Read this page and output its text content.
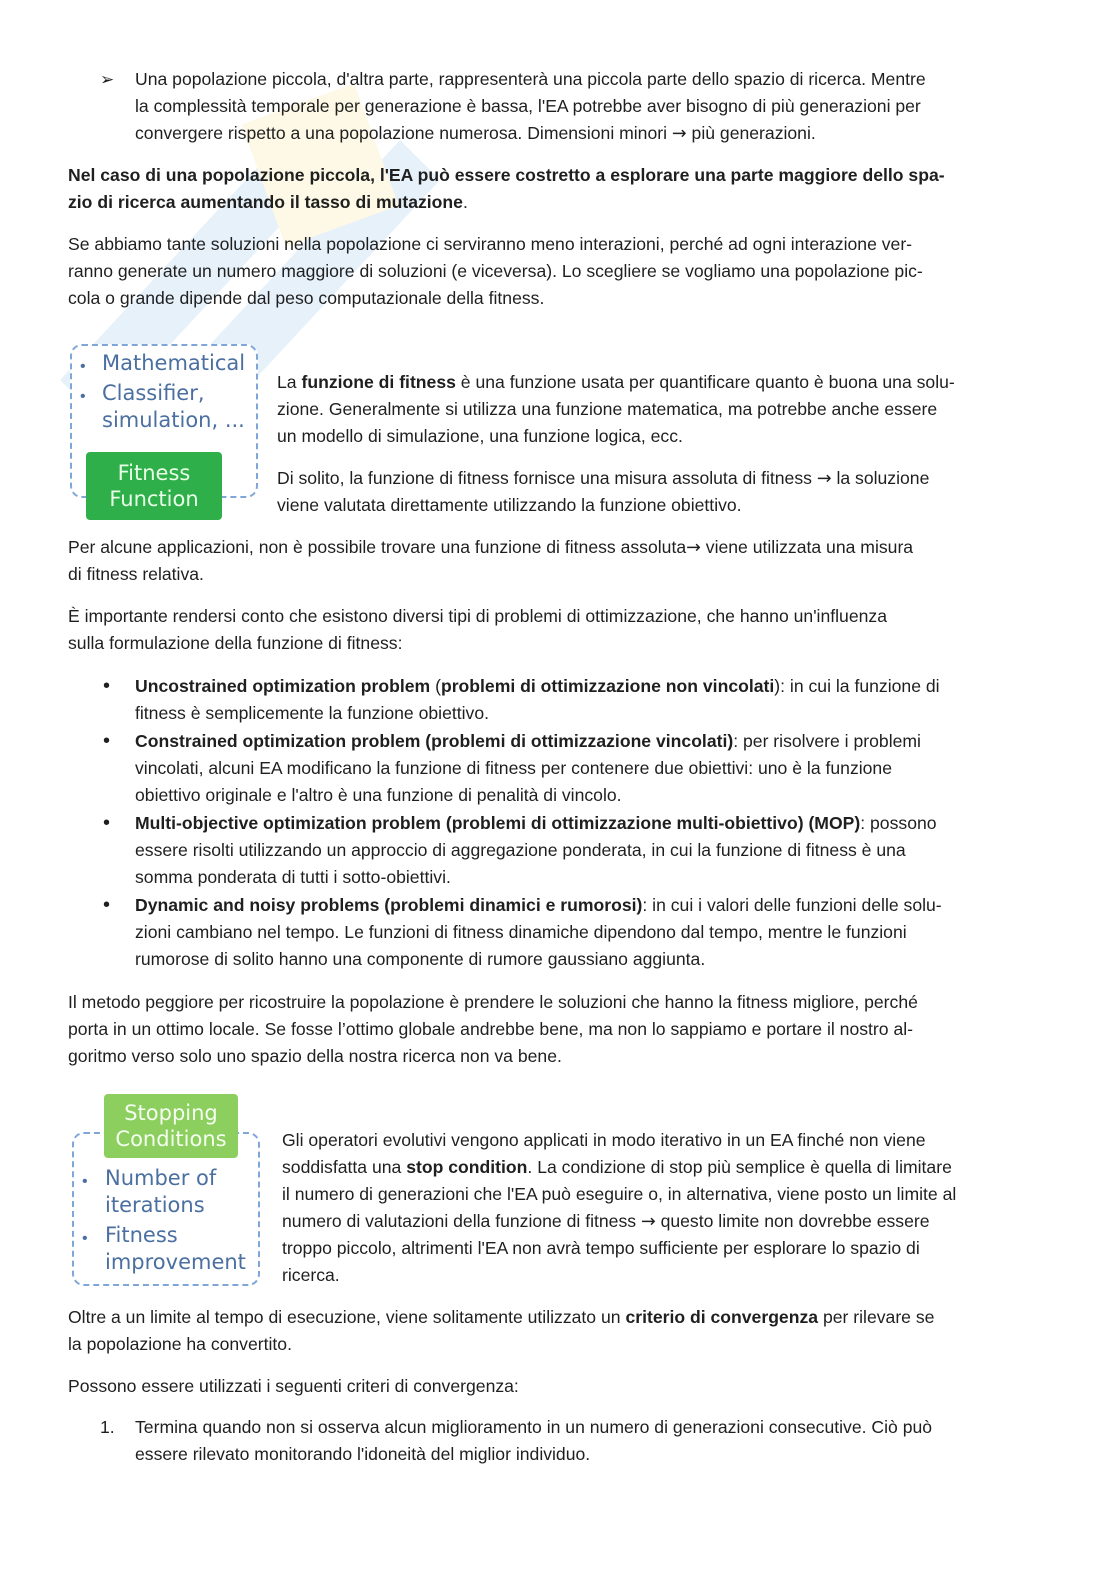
➢ Una popolazione piccola, d'altra parte, rappresenterà una piccola parte dello spazio di ricerca. Mentre

la complessità temporale per generazione è bassa, l'EA potrebbe aver bisogno di più generazioni per

convergere rispetto a una popolazione numerosa. Dimensioni minori → più generazioni.

Nel caso di una popolazione piccola, l'EA può essere costretto a esplorare una parte maggiore dello spa-

zio di ricerca aumentando il tasso di mutazione.

Se abbiamo tante soluzioni nella popolazione ci serviranno meno interazioni, perché ad ogni interazione ver-

ranno generate un numero maggiore di soluzioni (e viceversa). Lo scegliere se vogliamo una popolazione pic-

cola o grande dipende dal peso computazionale della fitness.

• Mathematical
• Classifier,
simulation, ...
Fitness
Function

La funzione di fitness è una funzione usata per quantificare quanto è buona una solu-

zione. Generalmente si utilizza una funzione matematica, ma potrebbe anche essere

un modello di simulazione, una funzione logica, ecc.

Di solito, la funzione di fitness fornisce una misura assoluta di fitness → la soluzione

viene valutata direttamente utilizzando la funzione obiettivo.

Per alcune applicazioni, non è possibile trovare una funzione di fitness assoluta→ viene utilizzata una misura

di fitness relativa.

È importante rendersi conto che esistono diversi tipi di problemi di ottimizzazione, che hanno un'influenza

sulla formulazione della funzione di fitness:

• Uncostrained optimization problem (problemi di ottimizzazione non vincolati): in cui la funzione di

fitness è semplicemente la funzione obiettivo.

• Constrained optimization problem (problemi di ottimizzazione vincolati): per risolvere i problemi

vincolati, alcuni EA modificano la funzione di fitness per contenere due obiettivi: uno è la funzione

obiettivo originale e l'altro è una funzione di penalità di vincolo.

• Multi-objective optimization problem (problemi di ottimizzazione multi-obiettivo) (MOP): possono

essere risolti utilizzando un approccio di aggregazione ponderata, in cui la funzione di fitness è una

somma ponderata di tutti i sotto-obiettivi.

• Dynamic and noisy problems (problemi dinamici e rumorosi): in cui i valori delle funzioni delle solu-

zioni cambiano nel tempo. Le funzioni di fitness dinamiche dipendono dal tempo, mentre le funzioni

rumorose di solito hanno una componente di rumore gaussiano aggiunta.

Il metodo peggiore per ricostruire la popolazione è prendere le soluzioni che hanno la fitness migliore, perché

porta in un ottimo locale. Se fosse l’ottimo globale andrebbe bene, ma non lo sappiamo e portare il nostro al-

goritmo verso solo uno spazio della nostra ricerca non va bene.

Stopping
Conditions
• Number of
iterations
• Fitness
improvement

Gli operatori evolutivi vengono applicati in modo iterativo in un EA finché non viene

soddisfatta una stop condition. La condizione di stop più semplice è quella di limitare

il numero di generazioni che l'EA può eseguire o, in alternativa, viene posto un limite al

numero di valutazioni della funzione di fitness → questo limite non dovrebbe essere

troppo piccolo, altrimenti l'EA non avrà tempo sufficiente per esplorare lo spazio di

ricerca.

Oltre a un limite al tempo di esecuzione, viene solitamente utilizzato un criterio di convergenza per rilevare se

la popolazione ha convertito.

Possono essere utilizzati i seguenti criteri di convergenza:

1. Termina quando non si osserva alcun miglioramento in un numero di generazioni consecutive. Ciò può

essere rilevato monitorando l'idoneità del miglior individuo.
